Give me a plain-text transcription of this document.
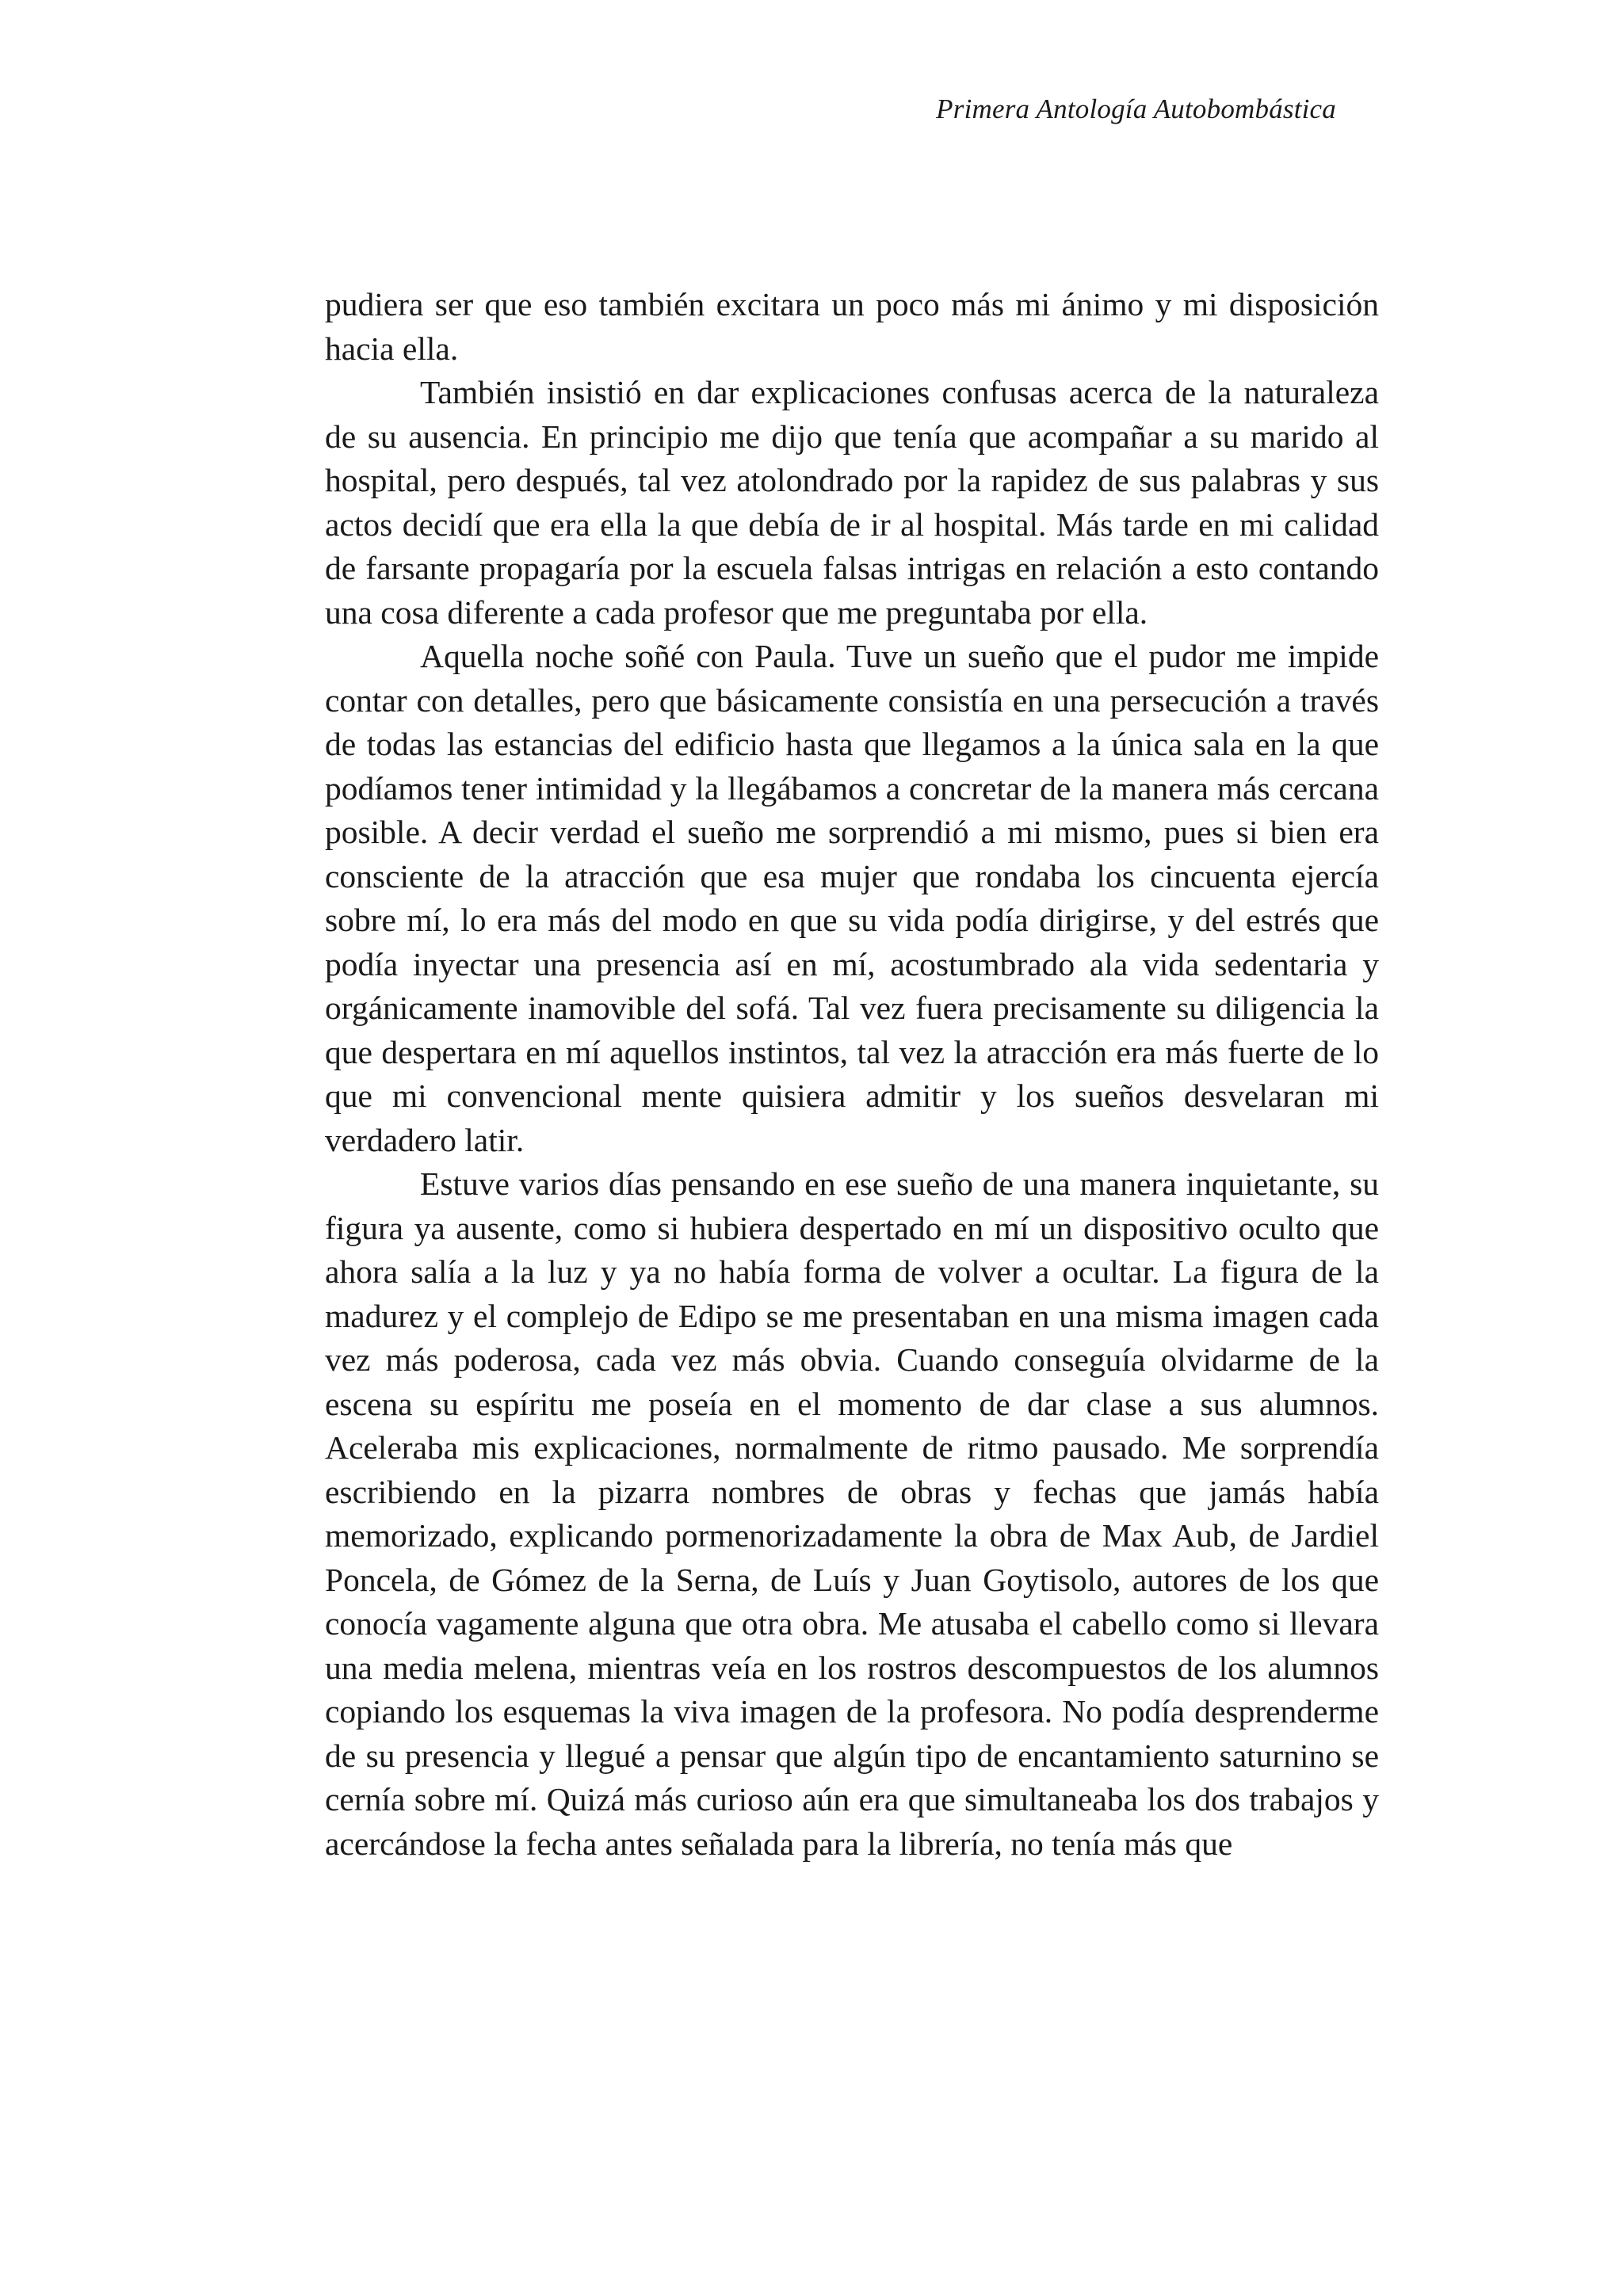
Primera Antología Autobombástica

pudiera ser que eso también excitara un poco más mi ánimo y mi disposición hacia ella.

También insistió en dar explicaciones confusas acerca de la naturaleza de su ausencia. En principio me dijo que tenía que acompañar a su marido al hospital, pero después, tal vez atolondrado por la rapidez de sus palabras y sus actos decidí que era ella la que debía de ir al hospital. Más tarde en mi calidad de farsante propagaría por la escuela falsas intrigas en relación a esto contando una cosa diferente a cada profesor que me preguntaba por ella.

Aquella noche soñé con Paula. Tuve un sueño que el pudor me impide contar con detalles, pero que básicamente consistía en una persecución a través de todas las estancias del edificio hasta que llegamos a la única sala en la que podíamos tener intimidad y la llegábamos a concretar de la manera más cercana posible. A decir verdad el sueño me sorprendió a mi mismo, pues si bien era consciente de la atracción que esa mujer que rondaba los cincuenta ejercía sobre mí, lo era más del modo en que su vida podía dirigirse, y del estrés que podía inyectar una presencia así en mí, acostumbrado ala vida sedentaria y orgánicamente inamovible del sofá. Tal vez fuera precisamente su diligencia la que despertara en mí aquellos instintos, tal vez la atracción era más fuerte de lo que mi convencional mente quisiera admitir y los sueños desvelaran mi verdadero latir.

Estuve varios días pensando en ese sueño de una manera inquietante, su figura ya ausente, como si hubiera despertado en mí un dispositivo oculto que ahora salía a la luz y ya no había forma de volver a ocultar. La figura de la madurez y el complejo de Edipo se me presentaban en una misma imagen cada vez más poderosa, cada vez más obvia. Cuando conseguía olvidarme de la escena su espíritu me poseía en el momento de dar clase a sus alumnos. Aceleraba mis explicaciones, normalmente de ritmo pausado. Me sorprendía escribiendo en la pizarra nombres de obras y fechas que jamás había memorizado, explicando pormenorizadamente la obra de Max Aub, de Jardiel Poncela, de Gómez de la Serna, de Luís y Juan Goytisolo, autores de los que conocía vagamente alguna que otra obra. Me atusaba el cabello como si llevara una media melena, mientras veía en los rostros descompuestos de los alumnos copiando los esquemas la viva imagen de la profesora. No podía desprenderme de su presencia y llegué a pensar que algún tipo de encantamiento saturnino se cernía sobre mí. Quizá más curioso aún era que simultaneaba los dos trabajos y acercándose la fecha antes señalada para la librería, no tenía más que
